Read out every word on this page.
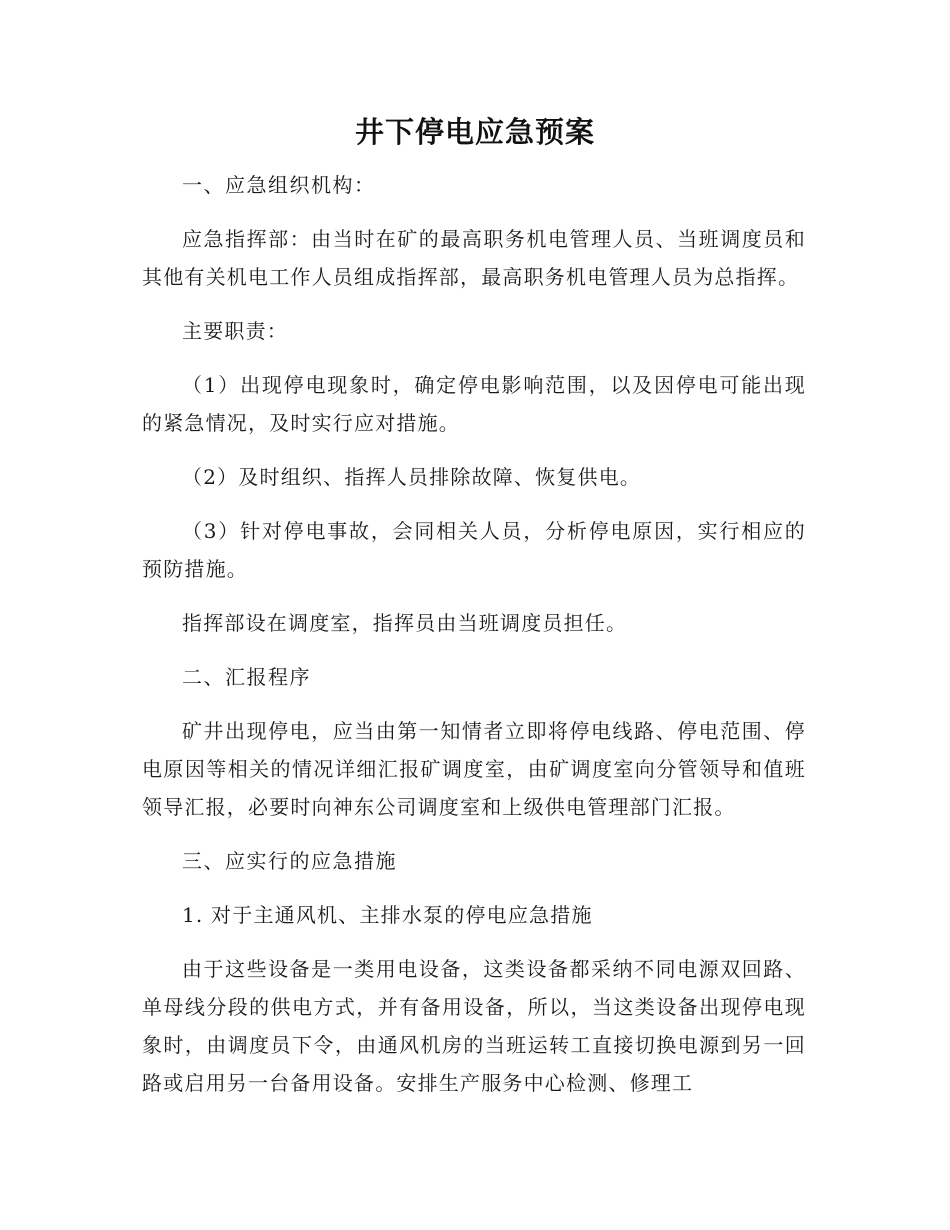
井下停电应急预案

一、应急组织机构：

应急指挥部：由当时在矿的最高职务机电管理人员、当班调度员和其他有关机电工作人员组成指挥部，最高职务机电管理人员为总指挥。

主要职责：

（1）出现停电现象时，确定停电影响范围，以及因停电可能出现的紧急情况，及时实行应对措施。

（2）及时组织、指挥人员排除故障、恢复供电。

（3）针对停电事故，会同相关人员，分析停电原因，实行相应的预防措施。

指挥部设在调度室，指挥员由当班调度员担任。

二、汇报程序

矿井出现停电，应当由第一知情者立即将停电线路、停电范围、停电原因等相关的情况详细汇报矿调度室，由矿调度室向分管领导和值班领导汇报，必要时向神东公司调度室和上级供电管理部门汇报。

三、应实行的应急措施

1. 对于主通风机、主排水泵的停电应急措施

由于这些设备是一类用电设备，这类设备都采纳不同电源双回路、单母线分段的供电方式，并有备用设备，所以，当这类设备出现停电现象时，由调度员下令，由通风机房的当班运转工直接切换电源到另一回路或启用另一台备用设备。安排生产服务中心检测、修理工
